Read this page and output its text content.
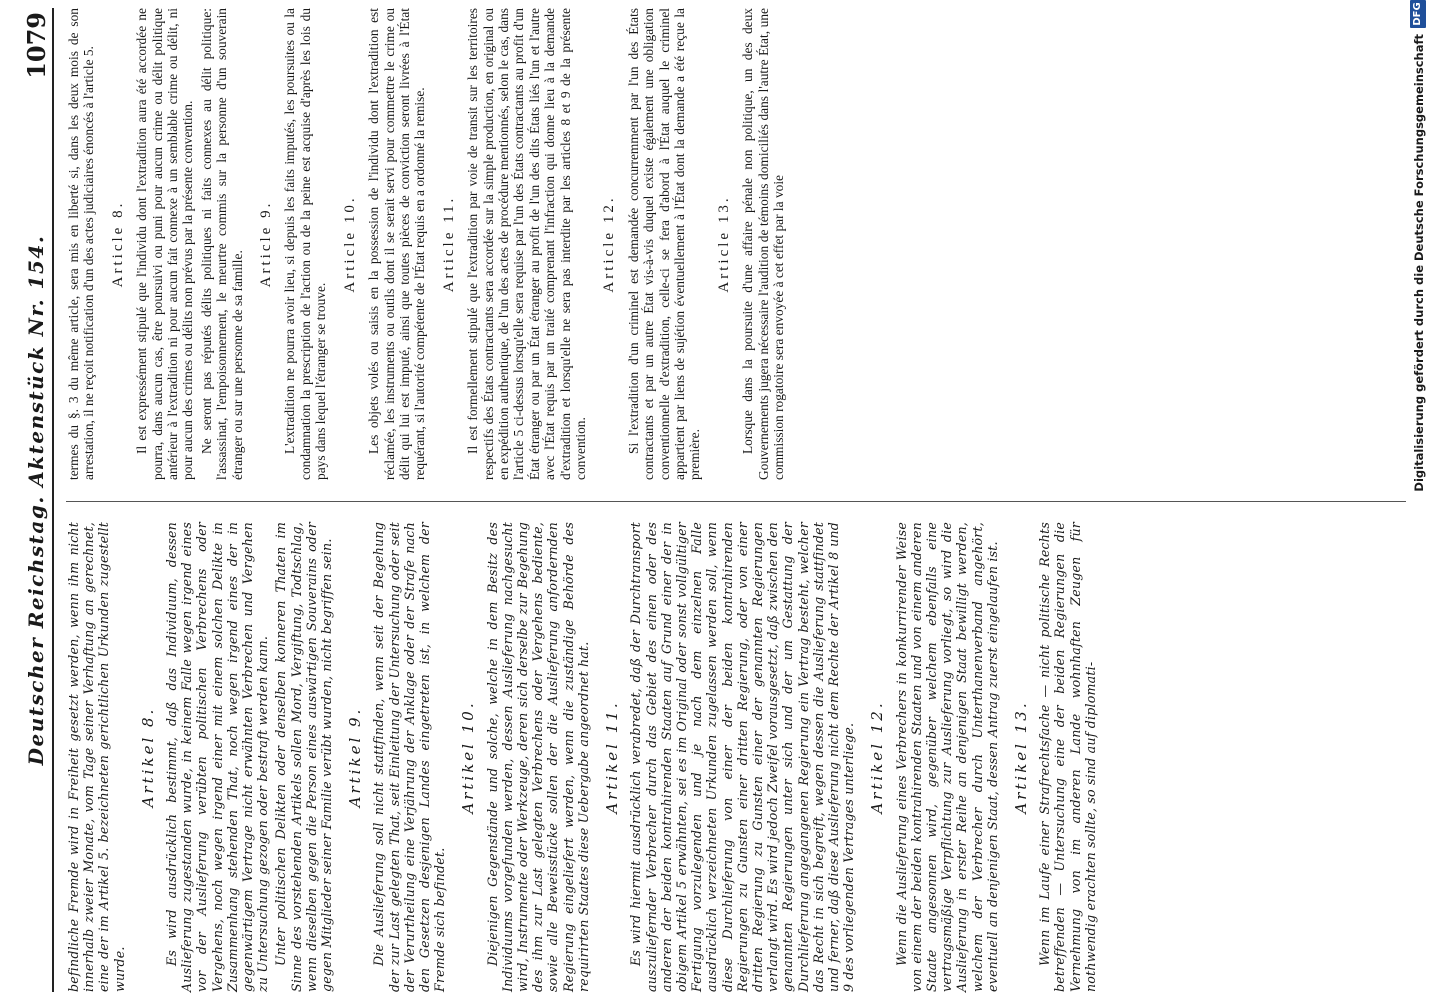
Deutscher Reichstag. Aktenstück Nr. 154.
1079

befindliche Fremde wird in Freiheit gesetzt werden, wenn ihm nicht innerhalb zweier Monate, vom Tage seiner Verhaftung an gerechnet, eine der im Artikel 5. bezeichneten gerichtlichen Urkunden zugestellt wurde.

Artikel 8. Es wird ausdrücklich bestimmt, daß das Individuum, dessen Auslieferung zugestanden wurde, in keinem Falle wegen irgend eines vor der Auslieferung verübten politischen Verbrechens oder Vergehens, noch wegen irgend einer mit einem solchen Delikte in Zusammenhang stehenden That, noch wegen irgend eines der in gegenwärtigem Vertrage nicht erwähnten Verbrechen und Vergehen zu Untersuchung gezogen oder bestraft werden kann. Unter politischen Delikten oder denselben konneren Thaten im Sinne des vorstehenden Artikels sollen Mord, Vergiftung, Todtschlag, wenn dieselben gegen die Person eines auswärtigen Souverains oder gegen Mitglieder seiner Familie verübt wurden, nicht begriffen sein. Artikel 9. Die Auslieferung soll nicht stattfinden, wenn seit der Begehung der zur Last gelegten That, seit Einleitung der Untersuchung oder seit der Verurtheilung eine Verjährung der Anklage oder der Strafe nach den Gesetzen desjenigen Landes eingetreten ist, in welchem der Fremde sich befindet.

Artikel 10. Diejenigen Gegenstände und solche, welche in dem Besitz des Individuums vorgefunden werden, dessen Auslieferung nachgesucht wird, Instrumente oder Werkzeuge, deren sich derselbe zur Begehung des ihm zur Last gelegten Verbrechens oder Vergehens bediente, sowie alle Beweisstücke sollen der die Auslieferung anfordernden Regierung eingeliefert werden, wenn die zuständige Behörde des requirirten Staates diese Uebergabe angeordnet hat. Artikel 11. Es wird hiermit ausdrücklich verabredet, daß der Durchtransport auszuliefernder Verbrecher durch das Gebiet des einen oder des anderen der beiden kontrahirenden Staaten auf Grund einer der in obigem Artikel 5 erwähnten, sei es im Original oder sonst vollgültiger Fertigung vorzulegenden und je nach dem einzelnen Falle ausdrücklich verzeichneten Urkunden zugelassen werden soll, wenn diese Durchlieferung von einer der beiden kontrahirenden Regierungen zu Gunsten einer dritten Regierung, oder von einer dritten Regierung zu Gunsten einer der genannten Regierungen verlangt wird. Es wird jedoch Zweifel vorausgesetzt, daß zwischen den genannten Regierungen unter sich und der um Gestattung der Durchlieferung angegangenen Regierung ein Vertrag besteht, welcher das Recht in sich begreift, wegen dessen die Auslieferung stattfindet und ferner, daß diese Auslieferung nicht dem Rechte der Artikel 8 und 9 des vorliegenden Vertrages unterliege. Artikel 12. Wenn die Auslieferung eines Verbrechers in konkurrirender Weise von einem der beiden kontrahirenden Staaten und von einem anderen Staate angesonnen wird, gegenüber welchem ebenfalls eine vertragsmäßige Verpflichtung zur Auslieferung vorliegt, so wird die Auslieferung in erster Reihe an denjenigen Staat bewilligt werden, welchem der Verbrecher durch Unterthanenverband angehört, eventuell an denjenigen Staat, dessen Antrag zuerst eingelaufen ist. Artikel 13. Wenn im Laufe einer Strafrechtsfache — nicht politische Rechts betreffenden — Untersuchung eine der beiden Regierungen die Vernehmung von im anderen Lande wohnhaften Zeugen für nothwendig erachten sollte, so sind auf diplomati-

termes du §. 3 du même article, sera mis en liberté si, dans les deux mois de son arrestation, il ne reçoit notification d'un des actes judiciaires énoncés à l'article 5. Article 8. Il est expressément stipulé que l'individu dont l'extradition aura été accordée ne pourra, dans aucun cas, être poursuivi ou puni pour aucun crime ou délit politique antérieur à l'extradition ni pour aucun fait connexe à un semblable crime ou délit, ni pour aucun des crimes ou délits non prévus par la présente convention. Ne seront pas réputés délits politiques ni faits connexes au délit politique: l'assassinat, l'empoisonnement, le meurtre commis sur la personne d'un souverain étranger ou sur une personne de sa famille.

Article 9. L'extradition ne pourra avoir lieu, si depuis les faits imputés, les poursuites ou la condamnation la prescription de l'action ou de la peine est acquise d'après les lois du pays dans lequel l'étranger se trouve.

Article 10. Les objets volés ou saisis en la possession de l'individu dont l'extradition est réclamée, les instruments ou outils dont il se serait servi pour commettre le crime ou délit qui lui est imputé, ainsi que toutes pièces de conviction seront livrées à l'État requérant, si l'autorité compétente de l'État requis en a ordonné la remise. Article 11. Il est formellement stipulé que l'extradition par voie de transit sur les territoires respectifs des États contractants sera accordée sur la simple production, en original ou en expédition authentique, de l'un des actes de procédure mentionnés, selon le cas, dans l'article 5 ci-dessus lorsqu'elle sera requise par l'un des États contractants au profit d'un État étranger ou par un État étranger au profit de l'un des dits États liés l'un et l'autre avec l'État requis par un traité comprenant l'infraction qui donne lieu à la demande d'extradition et lorsqu'elle ne sera pas interdite par les articles 8 et 9 de la présente convention.

Article 12. Si l'extradition d'un criminel est demandée concurremment par l'un des États contractants et par un autre État vis-à-vis duquel existe également une obligation conventionnelle d'extradition, celle-ci se fera d'abord à l'État auquel le criminel appartient par liens de sujétion éventuellement à l'État dont la demande a été reçue la première.

Article 13. Lorsque dans la poursuite d'une affaire pénale non politique, un des deux Gouvernements jugera nécessaire l'audition de témoins domiciliés dans l'autre État, une commission rogatoire sera envoyée à cet effet par la voie	Digitalisierung gefördert durch die Deutsche Forschungsgemeinschaft
DFG
